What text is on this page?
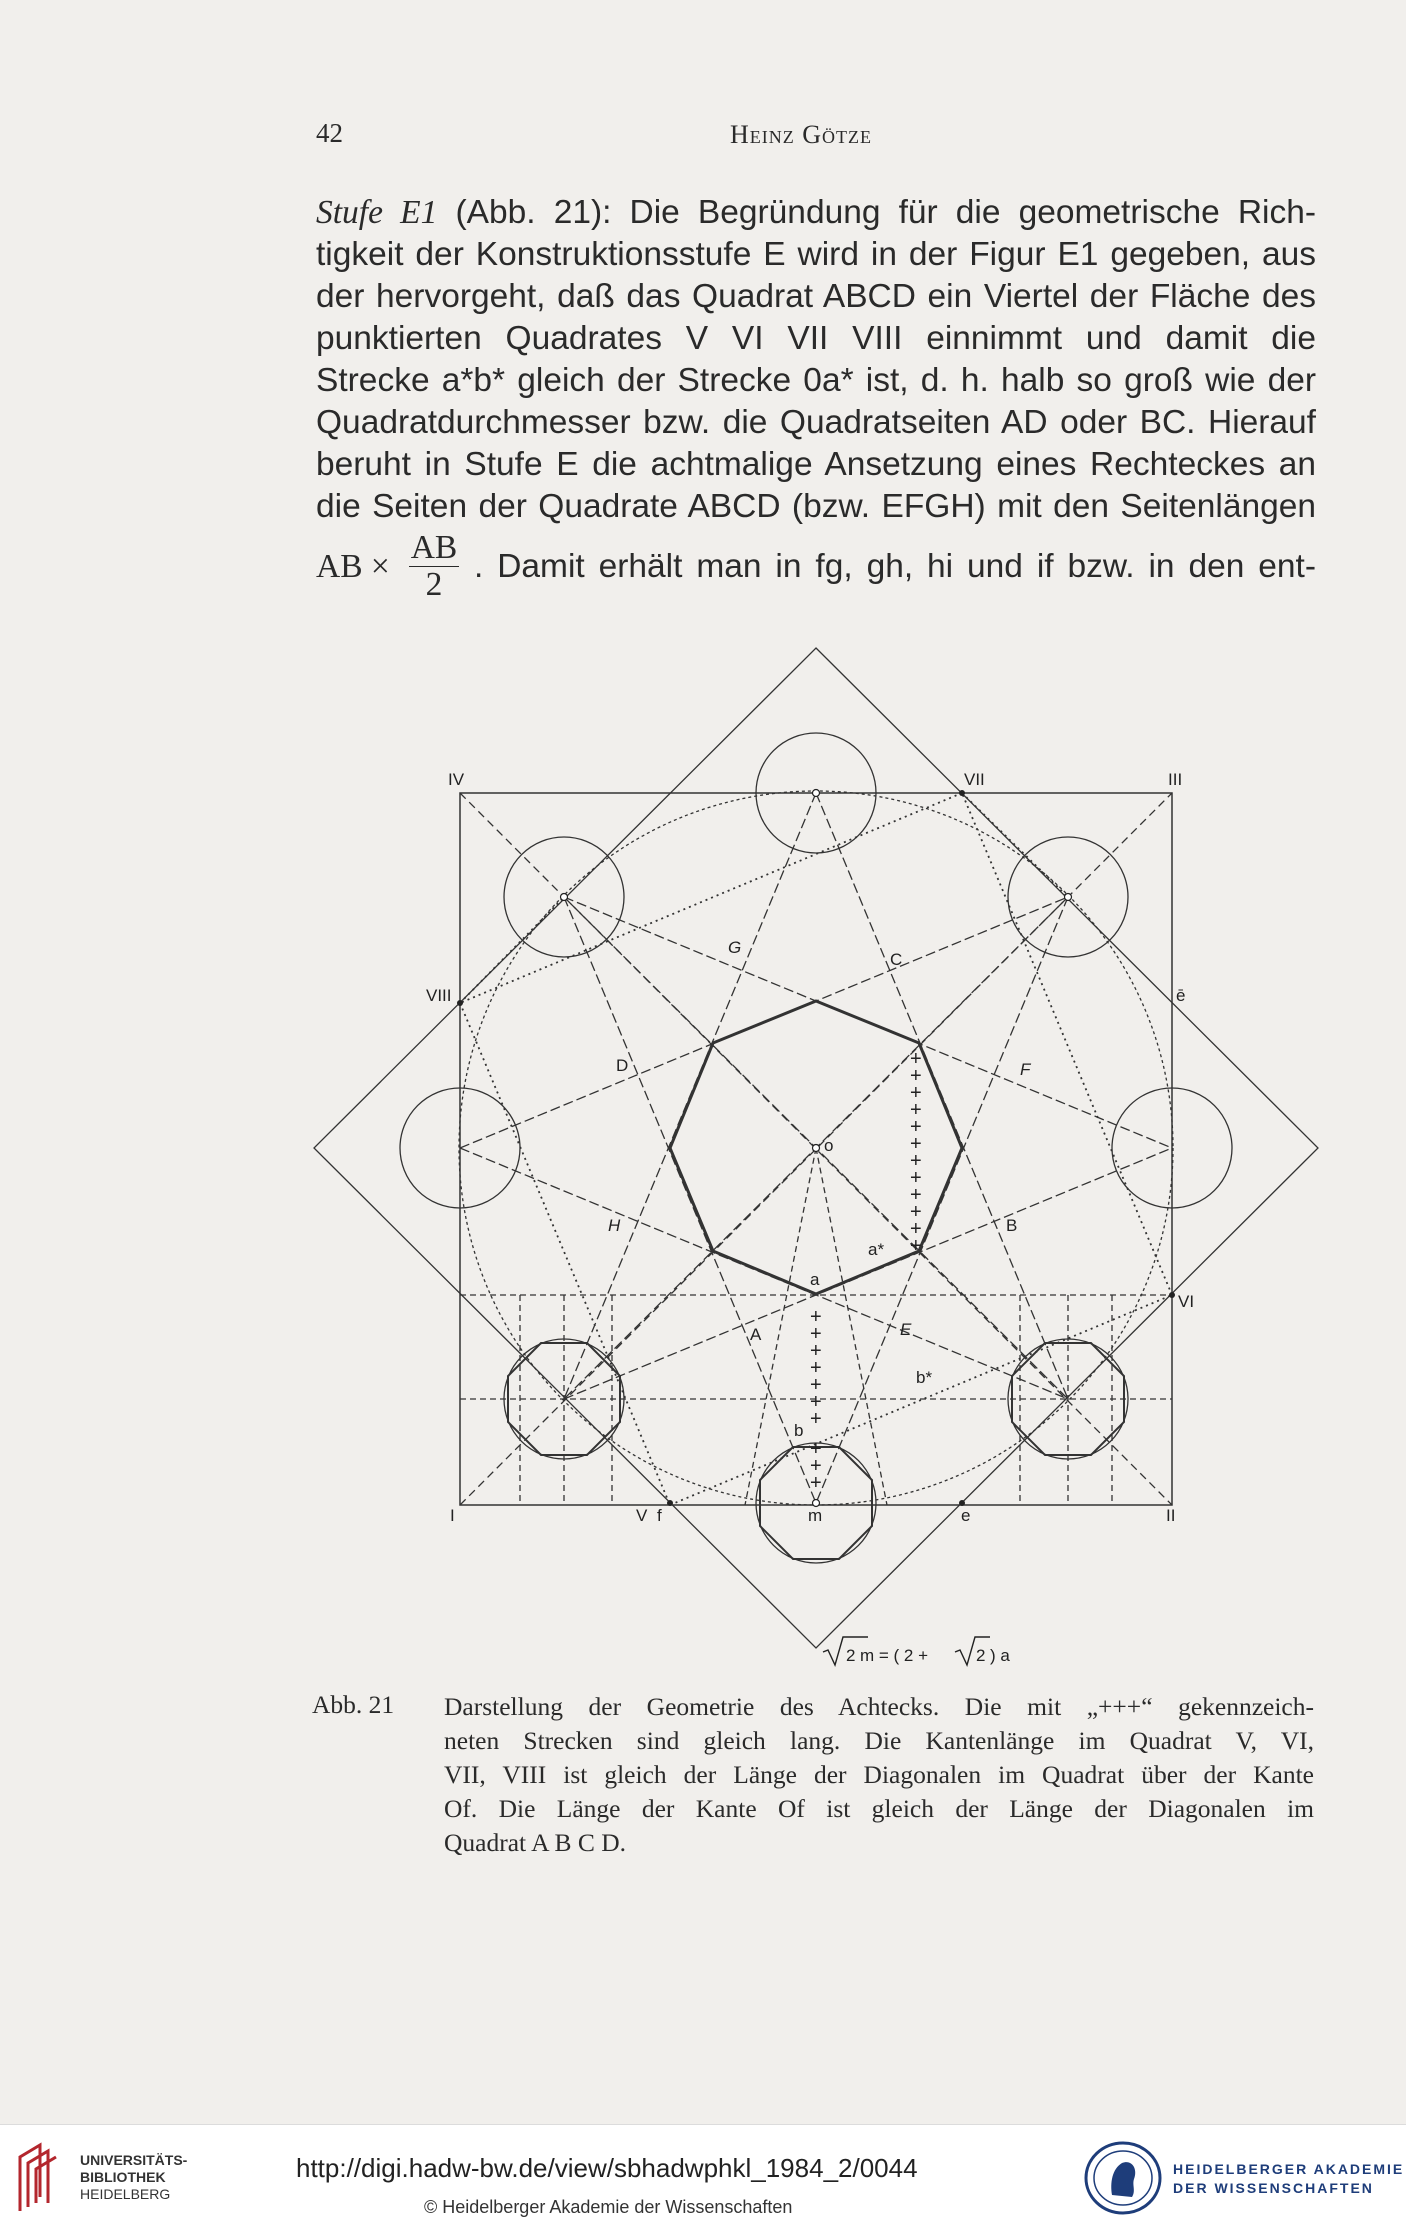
42	Heinz Götze
Stufe E1 (Abb. 21): Die Begründung für die geometrische Rich-
tigkeit der Konstruktionsstufe E wird in der Figur E1 gegeben, aus
der hervorgeht, daß das Quadrat ABCD ein Viertel der Fläche des
punktierten Quadrates V VI VII VIII einnimmt und damit die
Strecke a*b* gleich der Strecke 0a* ist, d. h. halb so groß wie der
Quadratdurchmesser bzw. die Quadratseiten AD oder BC. Hierauf
beruht in Stufe E die achtmalige Ansetzung eines Rechteckes an
die Seiten der Quadrate ABCD (bzw. EFGH) mit den Seitenlängen
AB × $\frac{AB}{2}$ . Damit erhält man in fg, gh, hi und if bzw. in den ent-
+
+
+
+
+
+
+
+
+
+
+
+
+
+
+
+
+
+
+
+
+
+
IV	VII	III
VIII	ē
VI
I	V f	m	e	II
A
B
C
D
E
F
G
H
o
a
a*
b
b*
2 m = ( 2 +	2 ) a
Abb. 21 Darstellung der Geometrie des Achtecks. Die mit „+++“ gekennzeich-
neten Strecken sind gleich lang. Die Kantenlänge im Quadrat V, VI,
VII, VIII ist gleich der Länge der Diagonalen im Quadrat über der Kante
Of. Die Länge der Kante Of ist gleich der Länge der Diagonalen im
Quadrat A B C D.
UNIVERSITÄTS-
BIBLIOTHEK
HEIDELBERG
http://digi.hadw-bw.de/view/sbhadwphkl_1984_2/0044
© Heidelberger Akademie der Wissenschaften
HEIDELBERGER AKADEMIE
DER WISSENSCHAFTEN
